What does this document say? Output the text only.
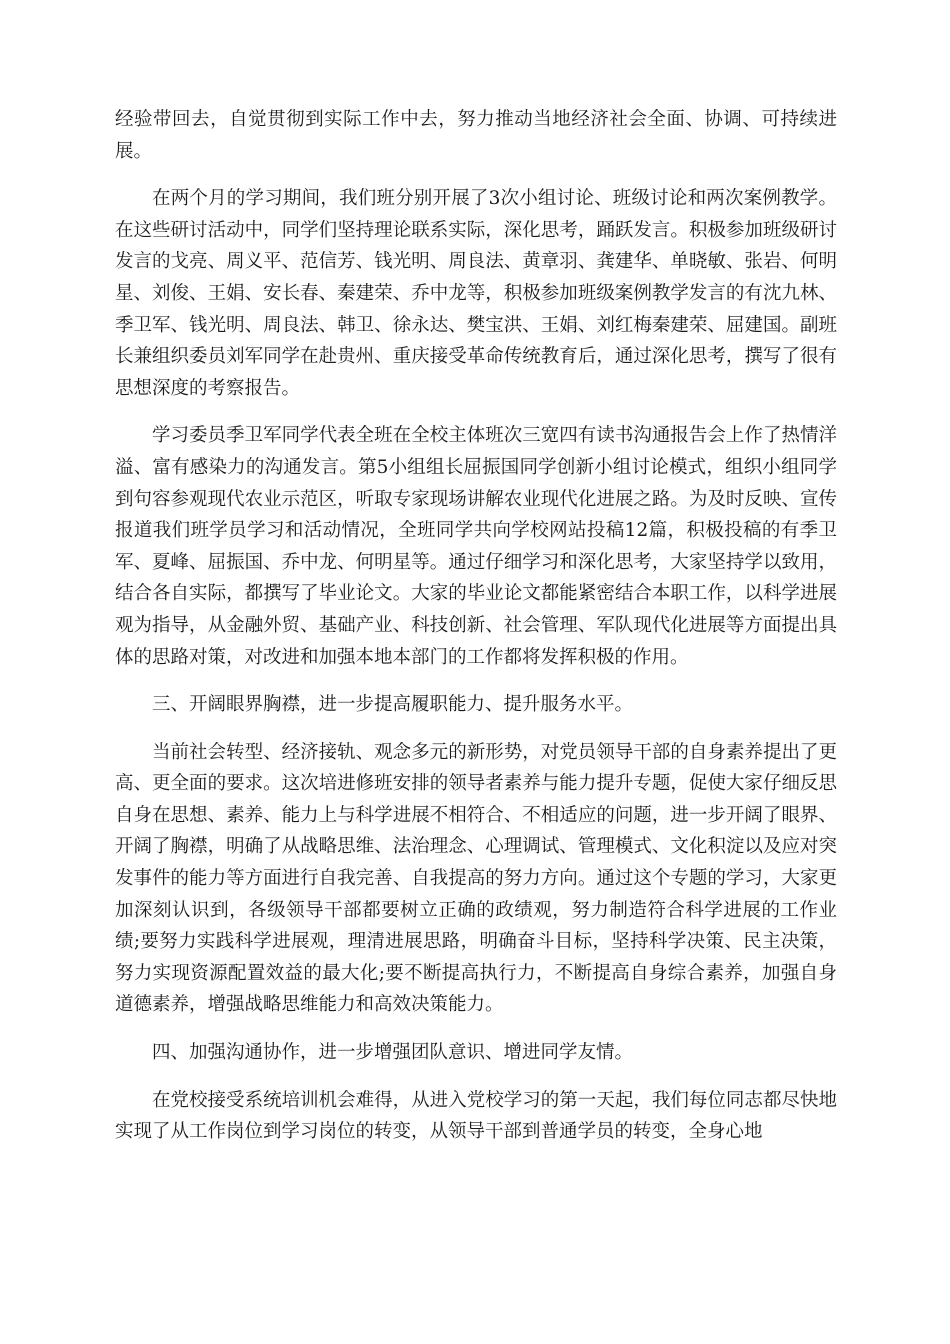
经验带回去，自觉贯彻到实际工作中去，努力推动当地经济社会全面、协调、可持续进展。

在两个月的学习期间，我们班分别开展了3次小组讨论、班级讨论和两次案例教学。在这些研讨活动中，同学们坚持理论联系实际，深化思考，踊跃发言。积极参加班级研讨发言的戈亮、周义平、范信芳、钱光明、周良法、黄章羽、龚建华、单晓敏、张岩、何明星、刘俊、王娟、安长春、秦建荣、乔中龙等，积极参加班级案例教学发言的有沈九林、季卫军、钱光明、周良法、韩卫、徐永达、樊宝洪、王娟、刘红梅秦建荣、屈建国。副班长兼组织委员刘军同学在赴贵州、重庆接受革命传统教育后，通过深化思考，撰写了很有思想深度的考察报告。

学习委员季卫军同学代表全班在全校主体班次三宽四有读书沟通报告会上作了热情洋溢、富有感染力的沟通发言。第5小组组长屈振国同学创新小组讨论模式，组织小组同学到句容参观现代农业示范区，听取专家现场讲解农业现代化进展之路。为及时反映、宣传报道我们班学员学习和活动情况，全班同学共向学校网站投稿12篇，积极投稿的有季卫军、夏峰、屈振国、乔中龙、何明星等。通过仔细学习和深化思考，大家坚持学以致用，结合各自实际，都撰写了毕业论文。大家的毕业论文都能紧密结合本职工作，以科学进展观为指导，从金融外贸、基础产业、科技创新、社会管理、军队现代化进展等方面提出具体的思路对策，对改进和加强本地本部门的工作都将发挥积极的作用。

三、开阔眼界胸襟，进一步提高履职能力、提升服务水平。

当前社会转型、经济接轨、观念多元的新形势，对党员领导干部的自身素养提出了更高、更全面的要求。这次培进修班安排的领导者素养与能力提升专题，促使大家仔细反思自身在思想、素养、能力上与科学进展不相符合、不相适应的问题，进一步开阔了眼界、开阔了胸襟，明确了从战略思维、法治理念、心理调试、管理模式、文化积淀以及应对突发事件的能力等方面进行自我完善、自我提高的努力方向。通过这个专题的学习，大家更加深刻认识到，各级领导干部都要树立正确的政绩观，努力制造符合科学进展的工作业绩;要努力实践科学进展观，理清进展思路，明确奋斗目标，坚持科学决策、民主决策，努力实现资源配置效益的最大化;要不断提高执行力，不断提高自身综合素养，加强自身道德素养，增强战略思维能力和高效决策能力。

四、加强沟通协作，进一步增强团队意识、增进同学友情。

在党校接受系统培训机会难得，从进入党校学习的第一天起，我们每位同志都尽快地实现了从工作岗位到学习岗位的转变，从领导干部到普通学员的转变，全身心地
